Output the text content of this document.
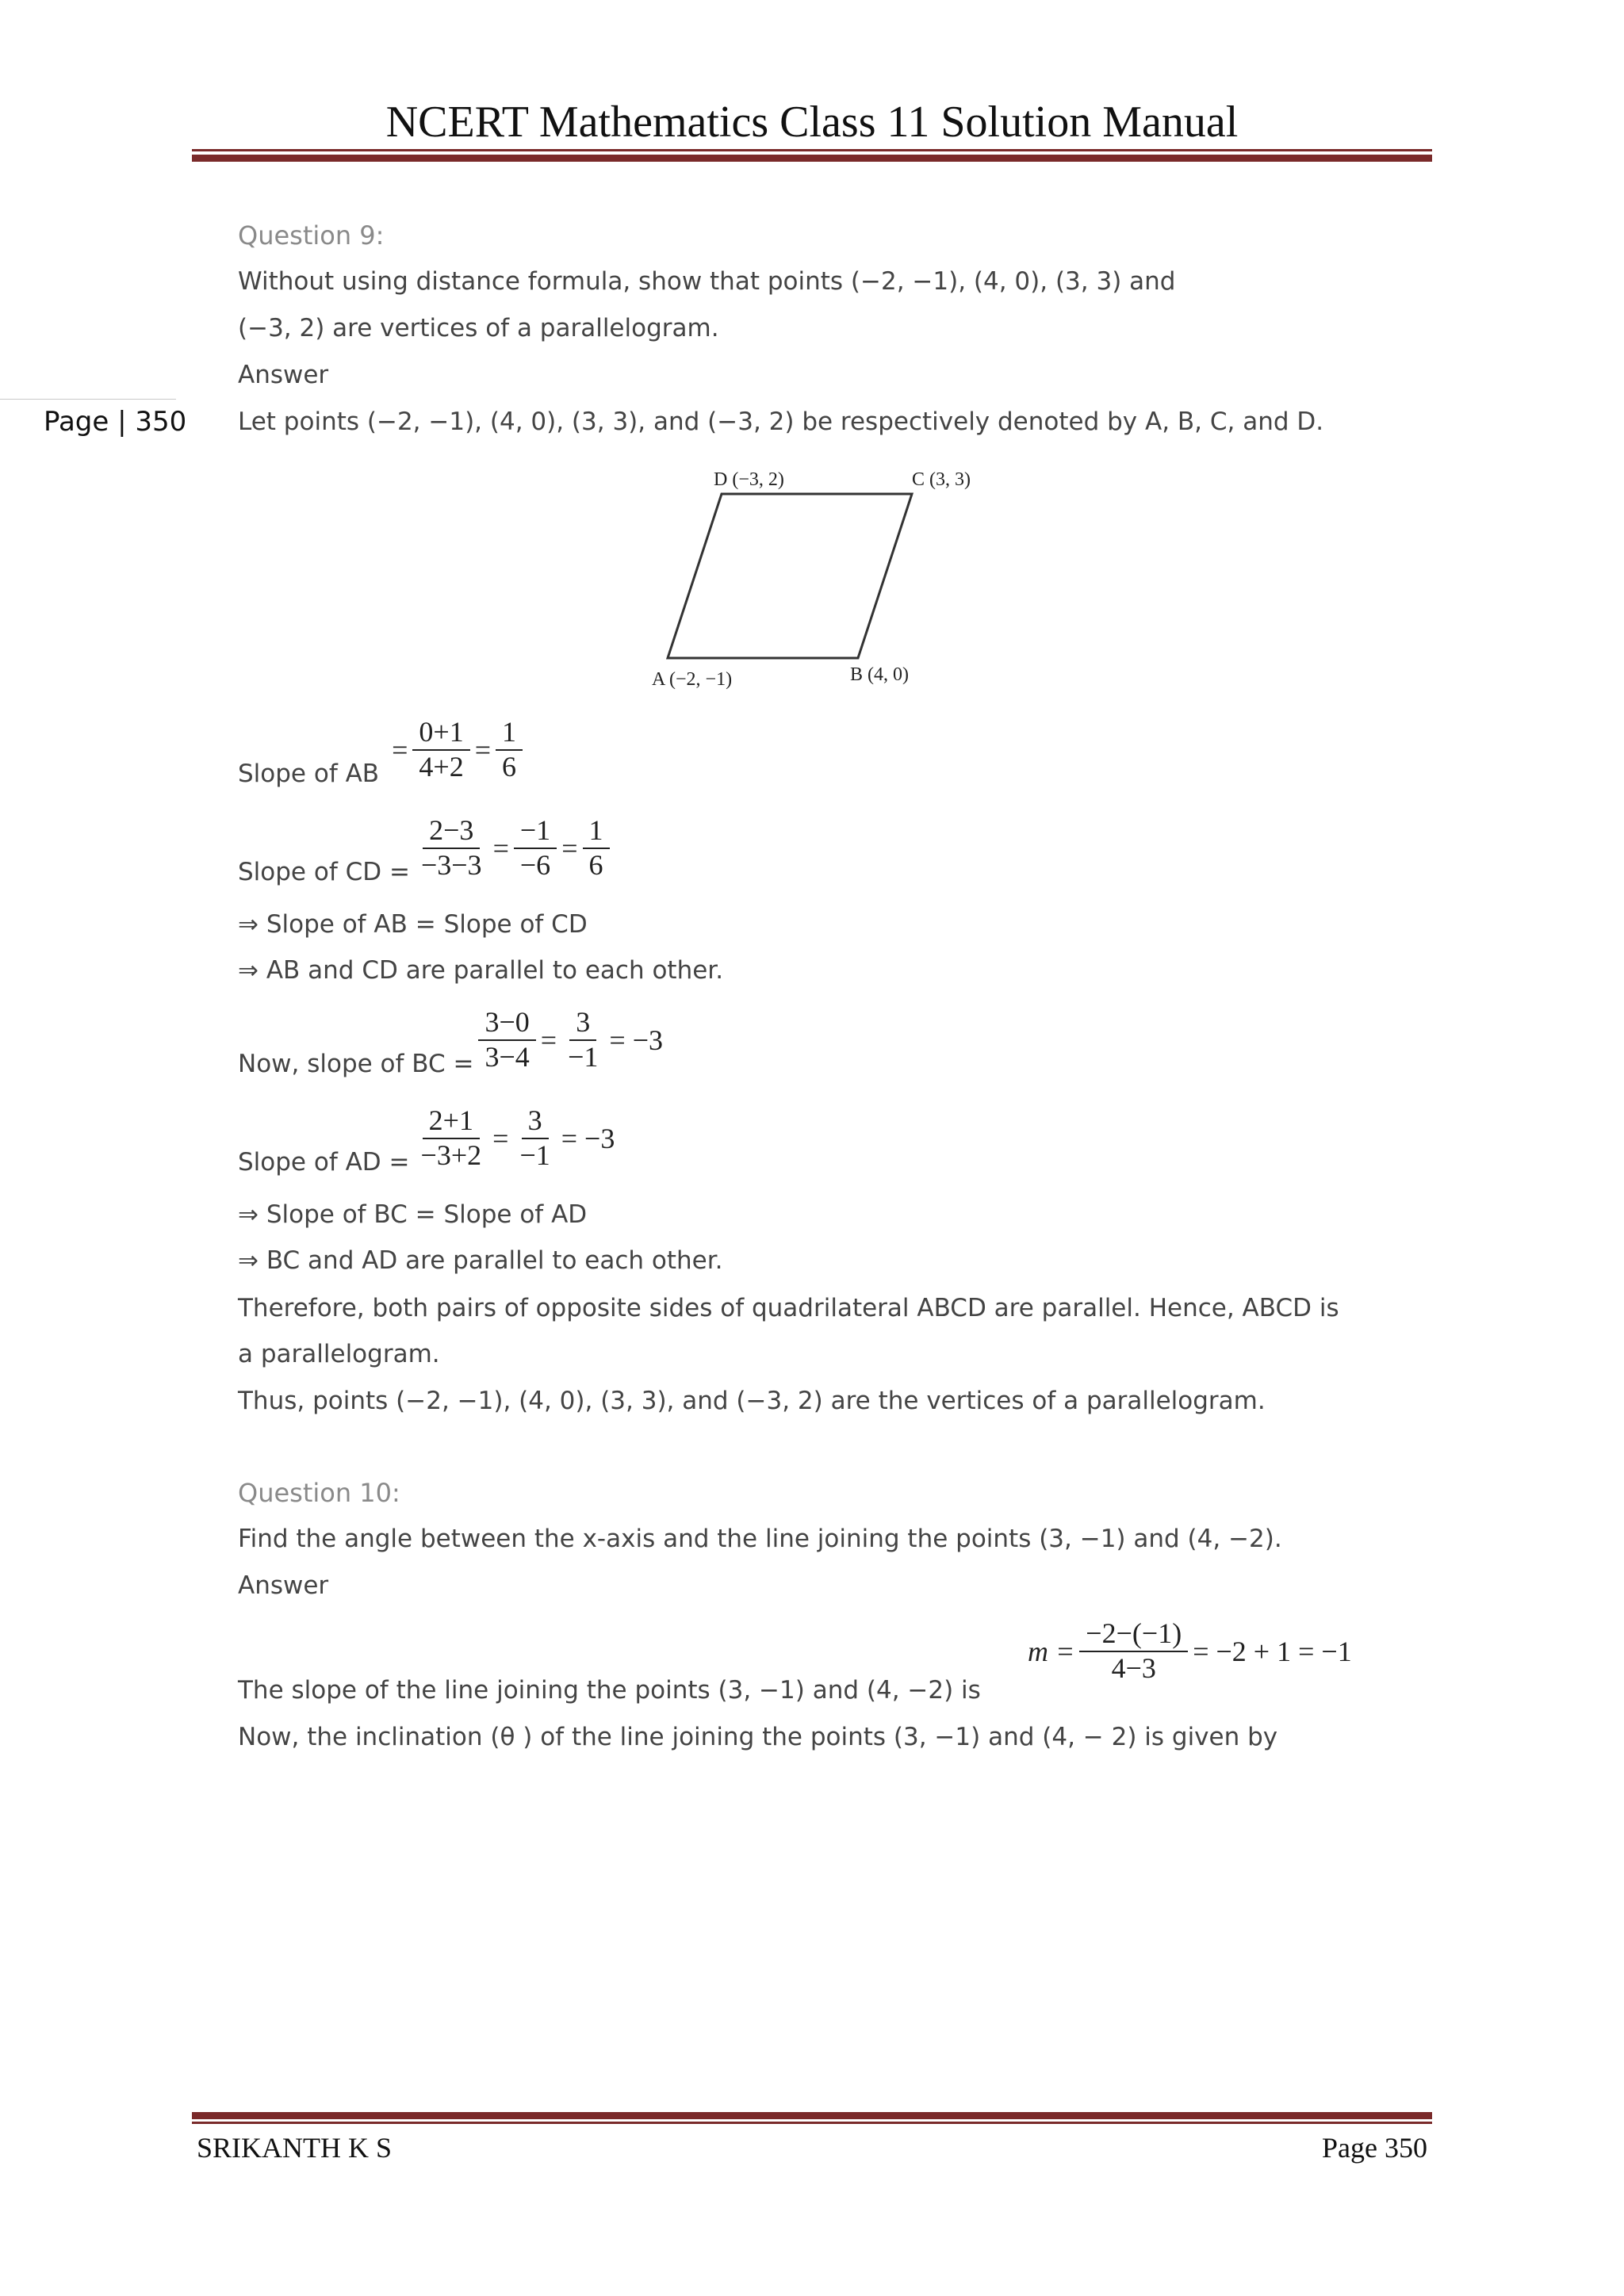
NCERT Mathematics Class 11 Solution Manual
Page | 350
Question 9:
Without using distance formula, show that points (−2, −1), (4, 0), (3, 3) and
(−3, 2) are vertices of a parallelogram.
Answer
Let points (−2, −1), (4, 0), (3, 3), and (−3, 2) be respectively denoted by A, B, C, and D.
D (−3, 2)	C (3, 3)
A (−2, −1)	B (4, 0)
Slope of AB
= $\frac{0+1}{4+2} = \frac{1}{6}$
Slope of CD = $\frac{2-3}{-3-3} = \frac{-1}{-6} = \frac{1}{6}$
⇒ Slope of AB = Slope of CD
⇒ AB and CD are parallel to each other.
Now, slope of BC = $\frac{3-0}{3-4} = \frac{3}{-1} = -3$
Slope of AD = $\frac{2+1}{-3+2} = \frac{3}{-1} = -3$
⇒ Slope of BC = Slope of AD
⇒ BC and AD are parallel to each other.
Therefore, both pairs of opposite sides of quadrilateral ABCD are parallel. Hence, ABCD is
a parallelogram.
Thus, points (−2, −1), (4, 0), (3, 3), and (−3, 2) are the vertices of a parallelogram.
Question 10:
Find the angle between the x-axis and the line joining the points (3, −1) and (4, −2).
Answer
The slope of the line joining the points (3, −1) and (4, −2) is
$m = \frac{-2-(-1)}{4-3} = -2 + 1 = -1$
Now, the inclination (θ ) of the line joining the points (3, −1) and (4, − 2) is given by
SRIKANTH K S	Page 350
